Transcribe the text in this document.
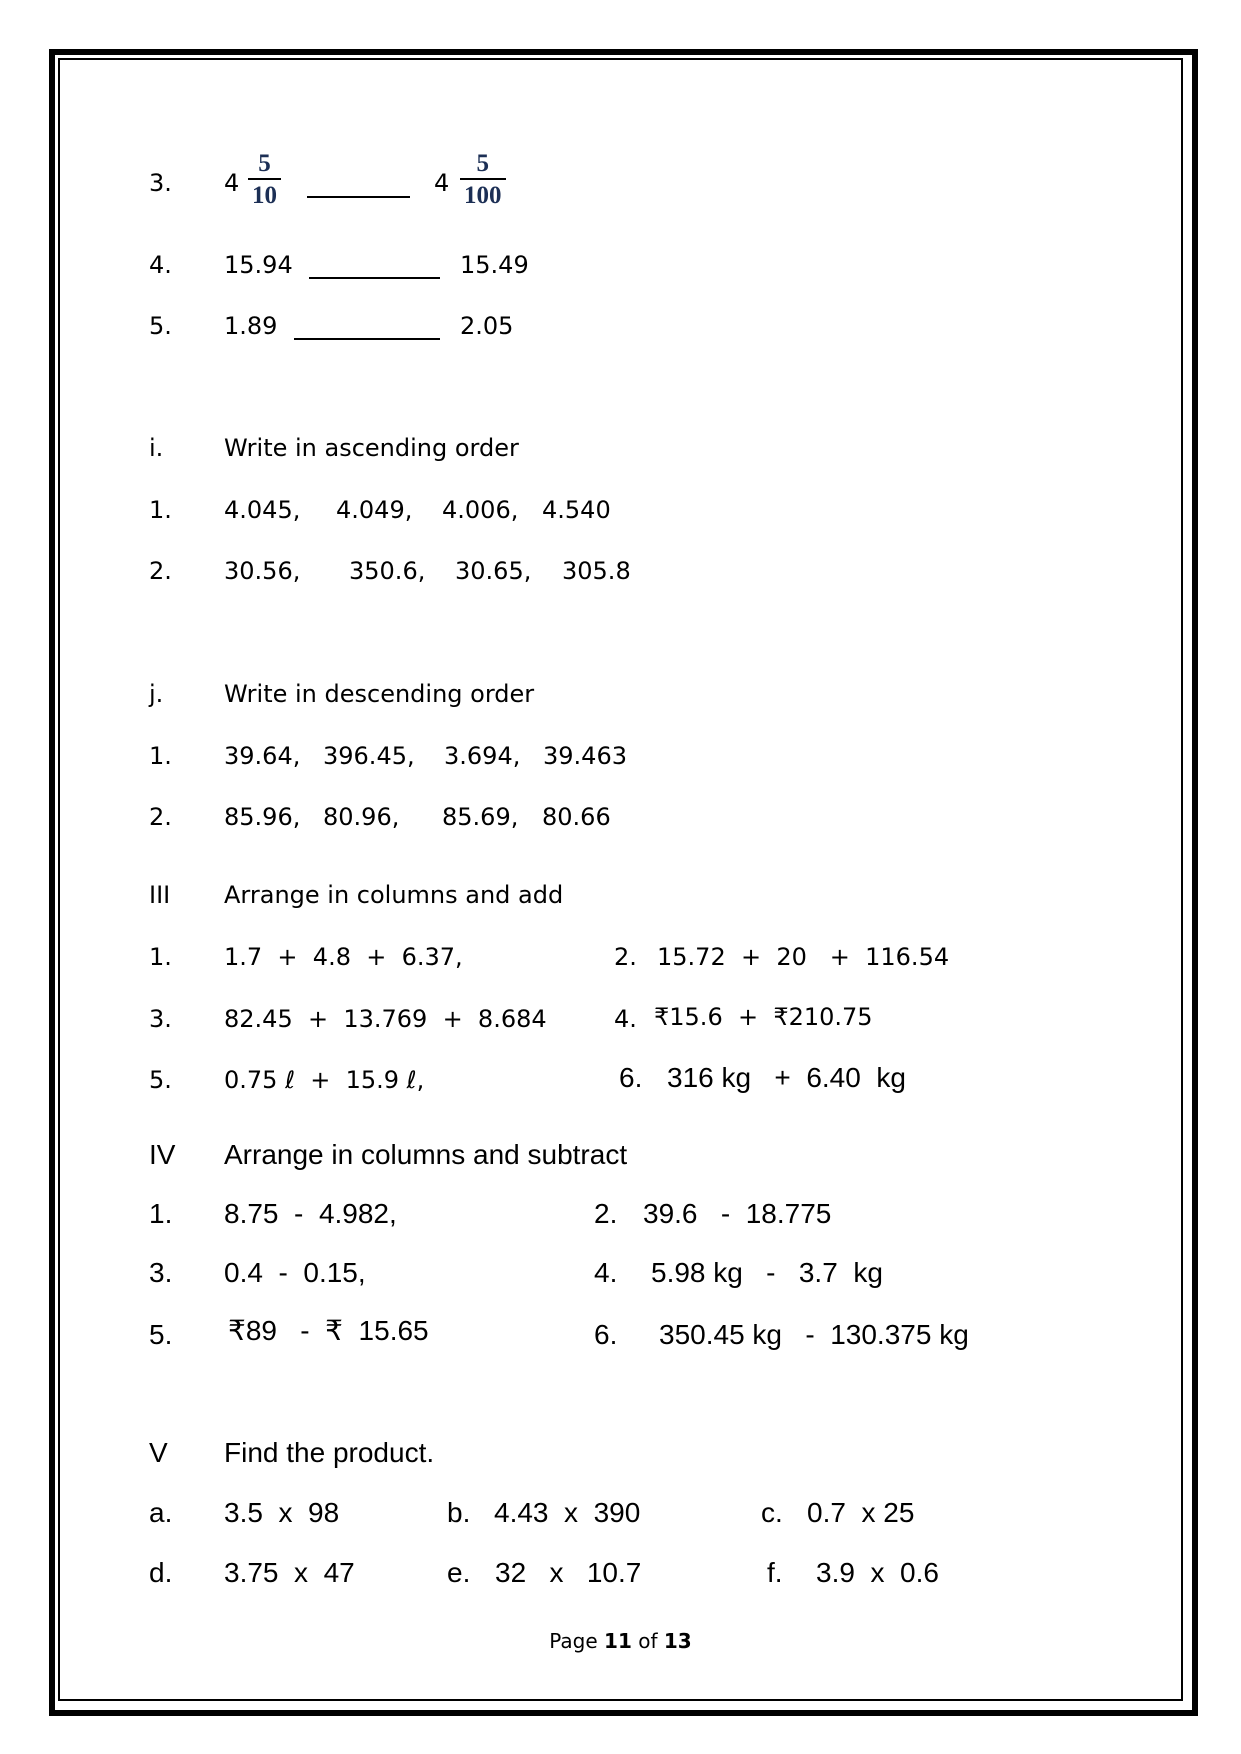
3. $4 \frac{5}{10}$	$4 \frac{5}{100}$
4. 15.94	15.49
5. 1.89	2.05
i.	Write in ascending order
1. 4.045, 4.049, 4.006, 4.540
2. 30.56, 350.6, 30.65, 305.8
j.	Write in descending order
1. 39.64, 396.45, 3.694, 39.463
2. 85.96, 80.96, 85.69, 80.66
III Arrange in columns and add
1. 1.7  +  4.8  +  6.37,	2. 15.72  +  20   +  116.54
3. 82.45  +  13.769  +  8.684	4. ₹15.6  +  ₹210.75
5. 0.75 ℓ  +  15.9 ℓ,	6. 316 kg   +  6.40  kg
IV Arrange in columns and subtract
1. 8.75  -  4.982,	2. 39.6   -  18.775
3. 0.4  -  0.15,	4. 5.98 kg   -   3.7  kg
5. ₹89   -  ₹  15.65	6. 350.45 kg   -  130.375 kg
V Find the product.
a. 3.5  x  98	b. 4.43  x  390	c. 0.7  x 25
d. 3.75  x  47	e. 32   x   10.7	f. 3.9  x  0.6
Page 11 of 13
